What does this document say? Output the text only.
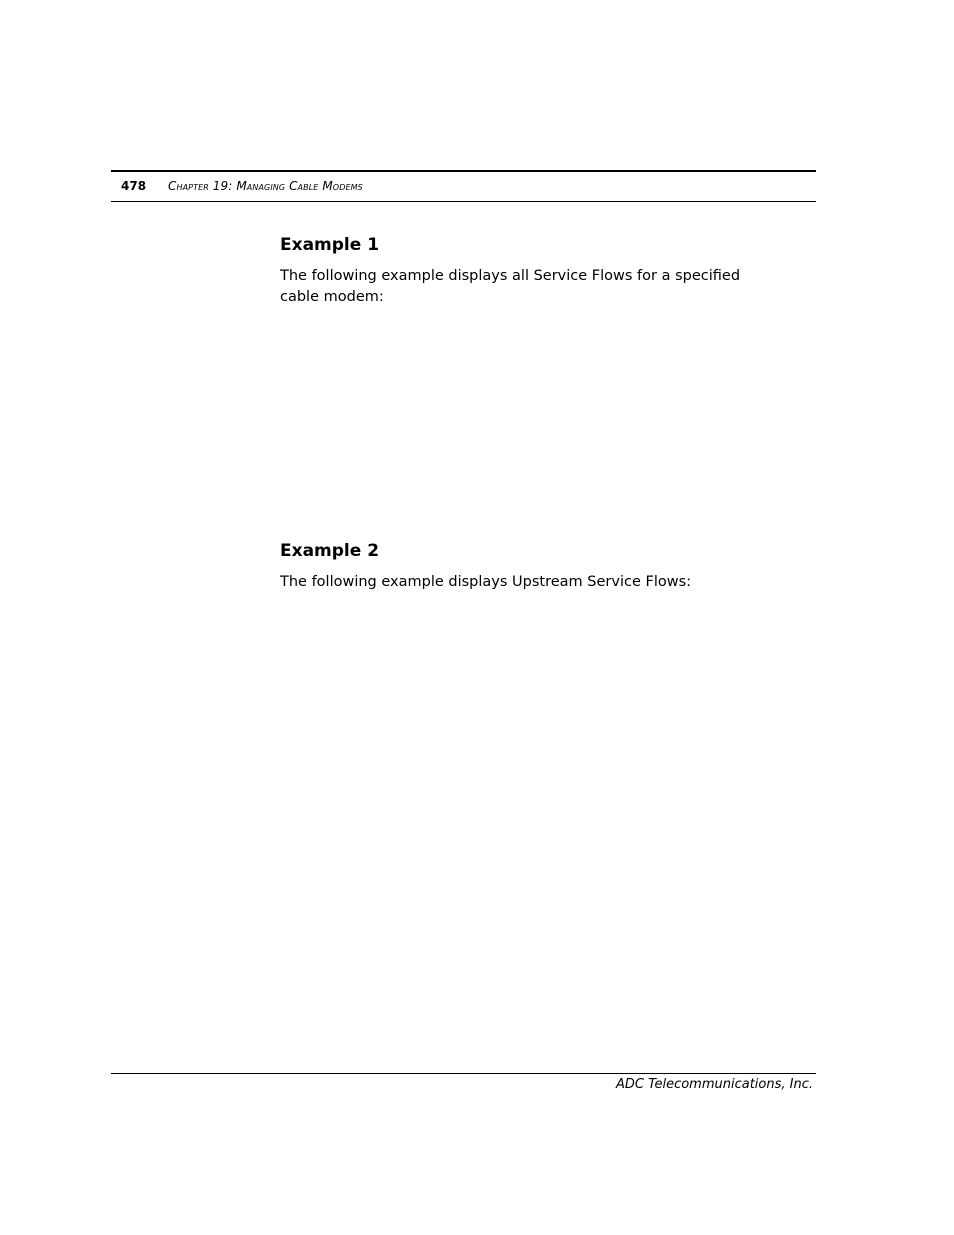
478 Chapter 19: Managing Cable Modems
Example 1

The following example displays all Service Flows for a specified cable modem:

Example 2

The following example displays Upstream Service Flows:

ADC Telecommunications, Inc.
